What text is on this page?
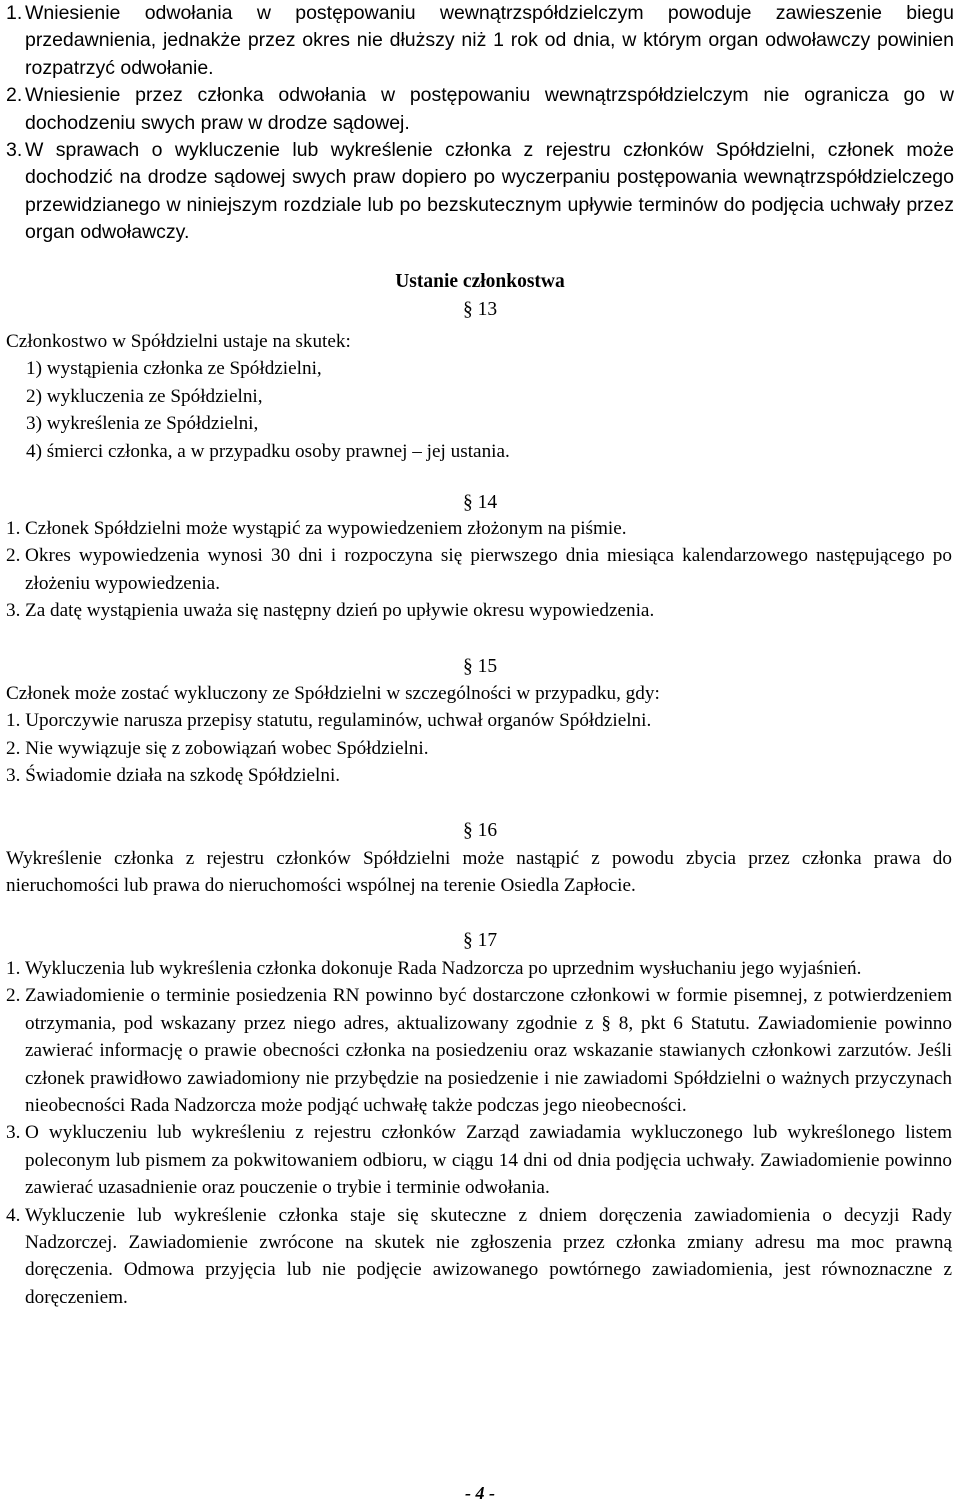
1. Wniesienie odwołania w postępowaniu wewnątrzspółdzielczym powoduje zawieszenie biegu przedawnienia, jednakże przez okres nie dłuższy niż 1 rok od dnia, w którym organ odwoławczy powinien rozpatrzyć odwołanie.
2. Wniesienie przez członka odwołania w postępowaniu wewnątrzspółdzielczym nie ogranicza go w dochodzeniu swych praw w drodze sądowej.
3. W sprawach o wykluczenie lub wykreślenie członka z rejestru członków Spółdzielni, członek może dochodzić na drodze sądowej swych praw dopiero po wyczerpaniu postępowania wewnątrzspółdzielczego przewidzianego w niniejszym rozdziale lub po bezskutecznym upływie terminów do podjęcia uchwały przez organ odwoławczy.
Ustanie członkostwa
§ 13
Członkostwo w Spółdzielni ustaje na skutek:
1) wystąpienia członka ze Spółdzielni,
2) wykluczenia ze Spółdzielni,
3) wykreślenia ze Spółdzielni,
4) śmierci członka, a w przypadku osoby prawnej – jej ustania.
§ 14
1. Członek Spółdzielni może wystąpić za wypowiedzeniem złożonym na piśmie.
2. Okres wypowiedzenia wynosi 30 dni i rozpoczyna się pierwszego dnia miesiąca kalendarzowego następującego po złożeniu wypowiedzenia.
3. Za datę wystąpienia uważa się następny dzień po upływie okresu wypowiedzenia.
§ 15
Członek może zostać wykluczony ze Spółdzielni w szczególności w przypadku, gdy:
1. Uporczywie narusza przepisy statutu, regulaminów, uchwał organów Spółdzielni.
2. Nie wywiązuje się z zobowiązań wobec Spółdzielni.
3. Świadomie działa na szkodę Spółdzielni.
§ 16
Wykreślenie członka z rejestru członków Spółdzielni może nastąpić z powodu zbycia przez członka prawa do nieruchomości lub prawa do nieruchomości wspólnej na terenie Osiedla Zapłocie.
§ 17
1. Wykluczenia lub wykreślenia członka dokonuje Rada Nadzorcza po uprzednim wysłuchaniu jego wyjaśnień.
2. Zawiadomienie o terminie posiedzenia RN powinno być dostarczone członkowi w formie pisemnej, z potwierdzeniem otrzymania, pod wskazany przez niego adres, aktualizowany zgodnie z § 8, pkt 6 Statutu. Zawiadomienie powinno zawierać informację o prawie obecności członka na posiedzeniu oraz wskazanie stawianych członkowi zarzutów. Jeśli członek prawidłowo zawiadomiony nie przybędzie na posiedzenie i nie zawiadomi Spółdzielni o ważnych przyczynach nieobecności Rada Nadzorcza może podjąć uchwałę także podczas jego nieobecności.
3. O wykluczeniu lub wykreśleniu z rejestru członków Zarząd zawiadamia wykluczonego lub wykreślonego listem poleconym lub pismem za pokwitowaniem odbioru, w ciągu 14 dni od dnia podjęcia uchwały. Zawiadomienie powinno zawierać uzasadnienie oraz pouczenie o trybie i terminie odwołania.
4. Wykluczenie lub wykreślenie członka staje się skuteczne z dniem doręczenia zawiadomienia o decyzji Rady Nadzorczej. Zawiadomienie zwrócone na skutek nie zgłoszenia przez członka zmiany adresu ma moc prawną doręczenia. Odmowa przyjęcia lub nie podjęcie awizowanego powtórnego zawiadomienia, jest równoznaczne z doręczeniem.
- 4 -
